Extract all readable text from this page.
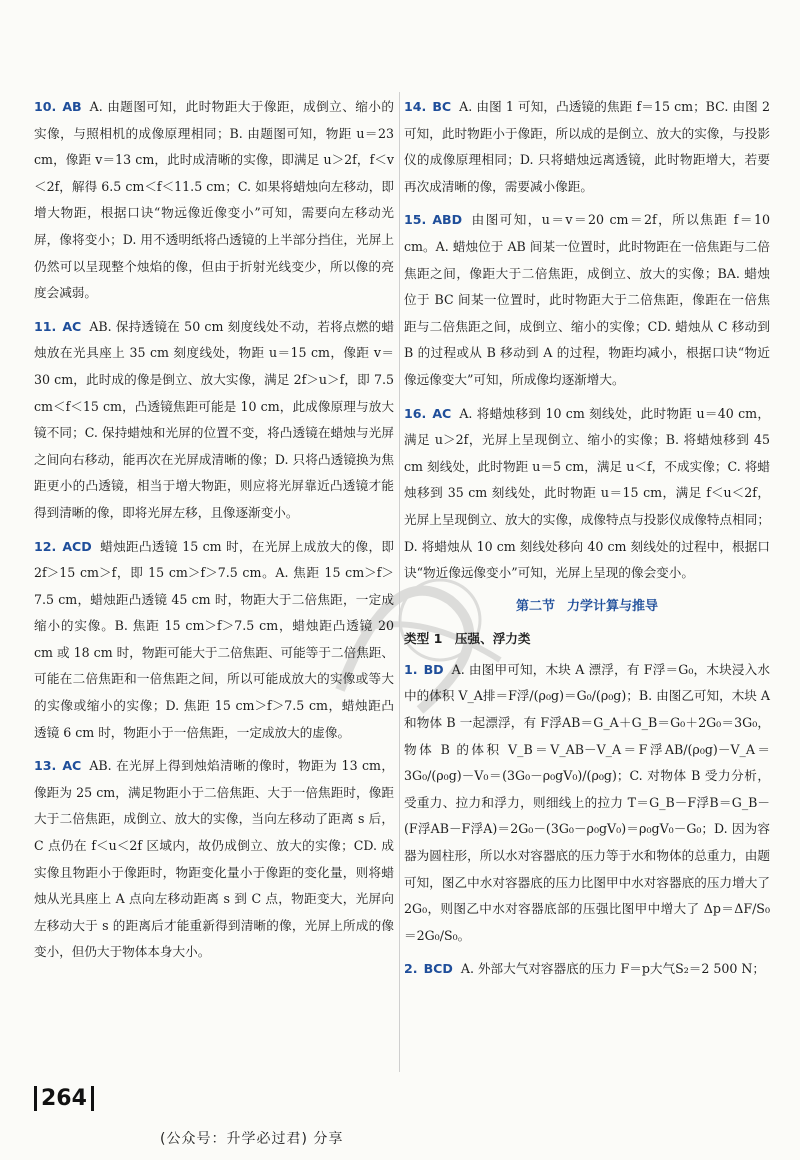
10. AB A. 由题图可知，此时物距大于像距，成倒立、缩小的实像，与照相机的成像原理相同；B. 由题图可知，物距 u＝23 cm，像距 v＝13 cm，此时成清晰的实像，即满足 u＞2f，f＜v＜2f，解得 6.5 cm＜f＜11.5 cm；C. 如果将蜡烛向左移动，即增大物距，根据口诀“物远像近像变小”可知，需要向左移动光屏，像将变小；D. 用不透明纸将凸透镜的上半部分挡住，光屏上仍然可以呈现整个烛焰的像，但由于折射光线变少，所以像的亮度会减弱。
11. AC AB. 保持透镜在 50 cm 刻度线处不动，若将点燃的蜡烛放在光具座上 35 cm 刻度线处，物距 u＝15 cm，像距 v＝30 cm，此时成的像是倒立、放大实像，满足 2f＞u＞f，即 7.5 cm＜f＜15 cm，凸透镜焦距可能是 10 cm，此成像原理与放大镜不同；C. 保持蜡烛和光屏的位置不变，将凸透镜在蜡烛与光屏之间向右移动，能再次在光屏成清晰的像；D. 只将凸透镜换为焦距更小的凸透镜，相当于增大物距，则应将光屏靠近凸透镜才能得到清晰的像，即将光屏左移，且像逐渐变小。
12. ACD 蜡烛距凸透镜 15 cm 时，在光屏上成放大的像，即 2f＞15 cm＞f，即 15 cm＞f＞7.5 cm。A. 焦距 15 cm＞f＞7.5 cm，蜡烛距凸透镜 45 cm 时，物距大于二倍焦距，一定成缩小的实像。B. 焦距 15 cm＞f＞7.5 cm，蜡烛距凸透镜 20 cm 或 18 cm 时，物距可能大于二倍焦距、可能等于二倍焦距、可能在二倍焦距和一倍焦距之间，所以可能成放大的实像或等大的实像或缩小的实像；D. 焦距 15 cm＞f＞7.5 cm，蜡烛距凸透镜 6 cm 时，物距小于一倍焦距，一定成放大的虚像。
13. AC AB. 在光屏上得到烛焰清晰的像时，物距为 13 cm，像距为 25 cm，满足物距小于二倍焦距、大于一倍焦距时，像距大于二倍焦距，成倒立、放大的实像，当向左移动了距离 s 后，C 点仍在 f＜u＜2f 区域内，故仍成倒立、放大的实像；CD. 成实像且物距小于像距时，物距变化量小于像距的变化量，则将蜡烛从光具座上 A 点向左移动距离 s 到 C 点，物距变大，光屏向左移动大于 s 的距离后才能重新得到清晰的像，光屏上所成的像变小，但仍大于物体本身大小。
14. BC A. 由图 1 可知，凸透镜的焦距 f＝15 cm；BC. 由图 2 可知，此时物距小于像距，所以成的是倒立、放大的实像，与投影仪的成像原理相同；D. 只将蜡烛远离透镜，此时物距增大，若要再次成清晰的像，需要减小像距。
15. ABD 由图可知，u＝v＝20 cm＝2f，所以焦距 f＝10 cm。A. 蜡烛位于 AB 间某一位置时，此时物距在一倍焦距与二倍焦距之间，像距大于二倍焦距，成倒立、放大的实像；BA. 蜡烛位于 BC 间某一位置时，此时物距大于二倍焦距，像距在一倍焦距与二倍焦距之间，成倒立、缩小的实像；CD. 蜡烛从 C 移动到 B 的过程或从 B 移动到 A 的过程，物距均减小，根据口诀“物近像远像变大”可知，所成像均逐渐增大。
16. AC A. 将蜡烛移到 10 cm 刻线处，此时物距 u＝40 cm，满足 u＞2f，光屏上呈现倒立、缩小的实像；B. 将蜡烛移到 45 cm 刻线处，此时物距 u＝5 cm，满足 u＜f，不成实像；C. 将蜡烛移到 35 cm 刻线处，此时物距 u＝15 cm，满足 f＜u＜2f，光屏上呈现倒立、放大的实像，成像特点与投影仪成像特点相同；D. 将蜡烛从 10 cm 刻线处移向 40 cm 刻线处的过程中，根据口诀“物近像远像变小”可知，光屏上呈现的像会变小。
第二节 力学计算与推导
类型 1　压强、浮力类
1. BD A. 由图甲可知，木块 A 漂浮，有 F浮＝G₀，木块浸入水中的体积 V_A排＝F浮/(ρ₀g)＝G₀/(ρ₀g)；B. 由图乙可知，木块 A 和物体 B 一起漂浮，有 F浮AB＝G_A＋G_B＝G₀＋2G₀＝3G₀，物体 B 的体积 V_B＝V_AB－V_A＝F浮AB/(ρ₀g)－V_A＝3G₀/(ρ₀g)－V₀＝(3G₀－ρ₀gV₀)/(ρ₀g)；C. 对物体 B 受力分析，受重力、拉力和浮力，则细线上的拉力 T＝G_B－F浮B＝G_B－(F浮AB－F浮A)＝2G₀－(3G₀－ρ₀gV₀)＝ρ₀gV₀－G₀；D. 因为容器为圆柱形，所以水对容器底的压力等于水和物体的总重力，由题可知，图乙中水对容器底的压力比图甲中水对容器底的压力增大了 2G₀，则图乙中水对容器底部的压强比图甲中增大了 Δp＝ΔF/S₀＝2G₀/S₀。
2. BCD A. 外部大气对容器底的压力 F＝p大气S₂＝2 500 N；
264
(公众号：升学必过君) 分享
